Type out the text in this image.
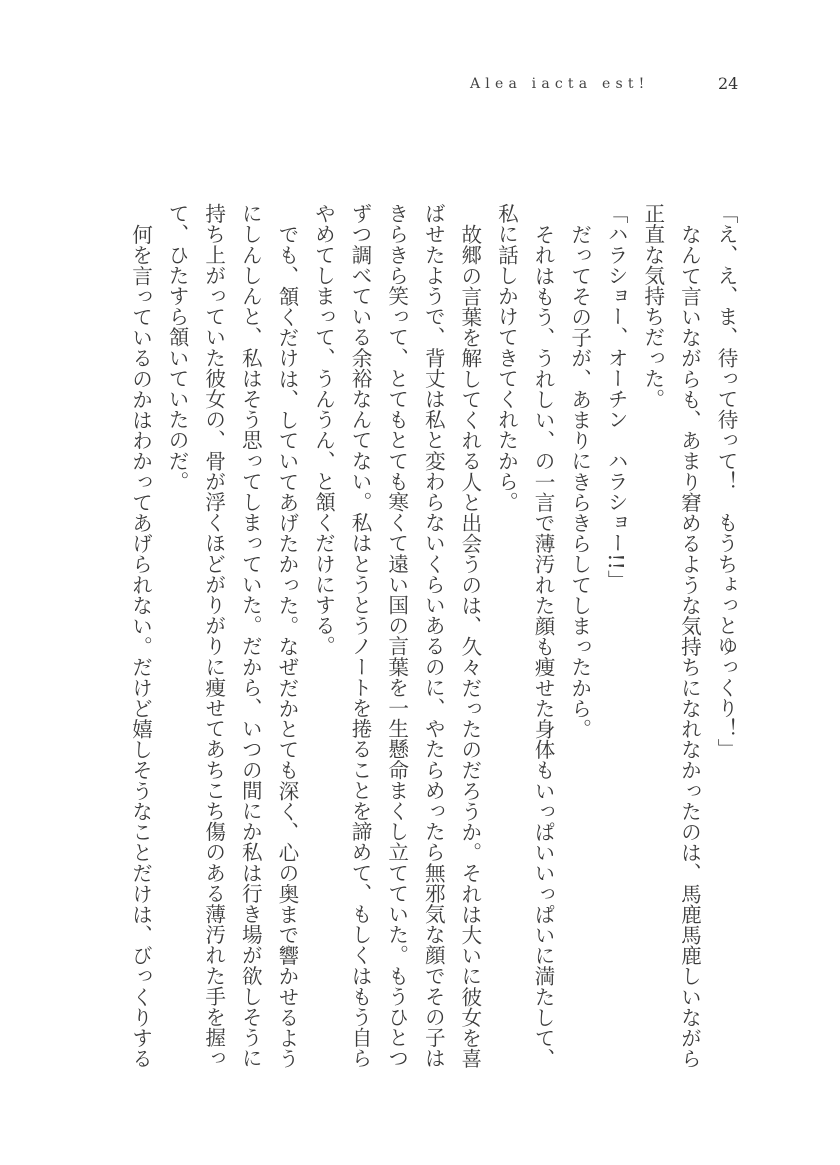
Alea iacta est!	24

「え、え、ま、待って待って！　もうちょっとゆっくり！」

なんて言いながらも、あまり窘めるような気持ちになれなかったのは、馬鹿馬鹿しいながら正直な気持ちだった。

「ハラショー、オーチン　ハラショー!!」

だってその子が、あまりにきらきらしてしまったから。

それはもう、うれしい、の一言で薄汚れた顔も痩せた身体もいっぱいいっぱいに満たして、私に話しかけてきてくれたから。

故郷の言葉を解してくれる人と出会うのは、久々だったのだろうか。それは大いに彼女を喜ばせたようで、背丈は私と変わらないくらいあるのに、やたらめったら無邪気な顔でその子はきらきら笑って、とてもとても寒くて遠い国の言葉を一生懸命まくし立てていた。もうひとつずつ調べている余裕なんてない。私はとうとうノートを捲ることを諦めて、もしくはもう自らやめてしまって、うんうん、と頷くだけにする。

でも、頷くだけは、していてあげたかった。なぜだかとても深く、心の奥まで響かせるようにしんしんと、私はそう思ってしまっていた。だから、いつの間にか私は行き場が欲しそうに持ち上がっていた彼女の、骨が浮くほどがりがりに痩せてあちこち傷のある薄汚れた手を握って、ひたすら頷いていたのだ。

何を言っているのかはわかってあげられない。だけど嬉しそうなことだけは、びっくりする
